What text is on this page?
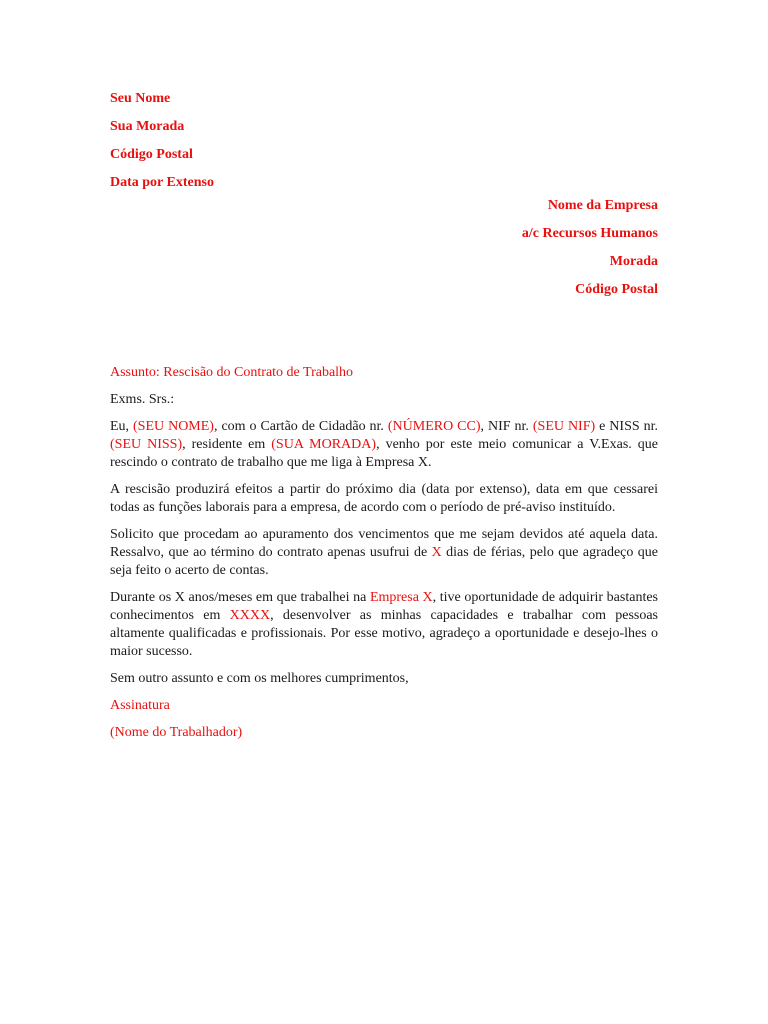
Seu Nome
Sua Morada
Código Postal
Data por Extenso
Nome da Empresa
a/c Recursos Humanos
Morada
Código Postal
Assunto: Rescisão do Contrato de Trabalho

Exms. Srs.:

Eu, (SEU NOME), com o Cartão de Cidadão nr. (NÚMERO CC), NIF nr. (SEU NIF) e NISS nr. (SEU NISS), residente em (SUA MORADA), venho por este meio comunicar a V.Exas. que rescindo o contrato de trabalho que me liga à Empresa X.

A rescisão produzirá efeitos a partir do próximo dia (data por extenso), data em que cessarei todas as funções laborais para a empresa, de acordo com o período de pré-aviso instituído.

Solicito que procedam ao apuramento dos vencimentos que me sejam devidos até aquela data. Ressalvo, que ao término do contrato apenas usufrui de X dias de férias, pelo que agradeço que seja feito o acerto de contas.

Durante os X anos/meses em que trabalhei na Empresa X, tive oportunidade de adquirir bastantes conhecimentos em XXXX, desenvolver as minhas capacidades e trabalhar com pessoas altamente qualificadas e profissionais. Por esse motivo, agradeço a oportunidade e desejo-lhes o maior sucesso.

Sem outro assunto e com os melhores cumprimentos,

Assinatura
(Nome do Trabalhador)
